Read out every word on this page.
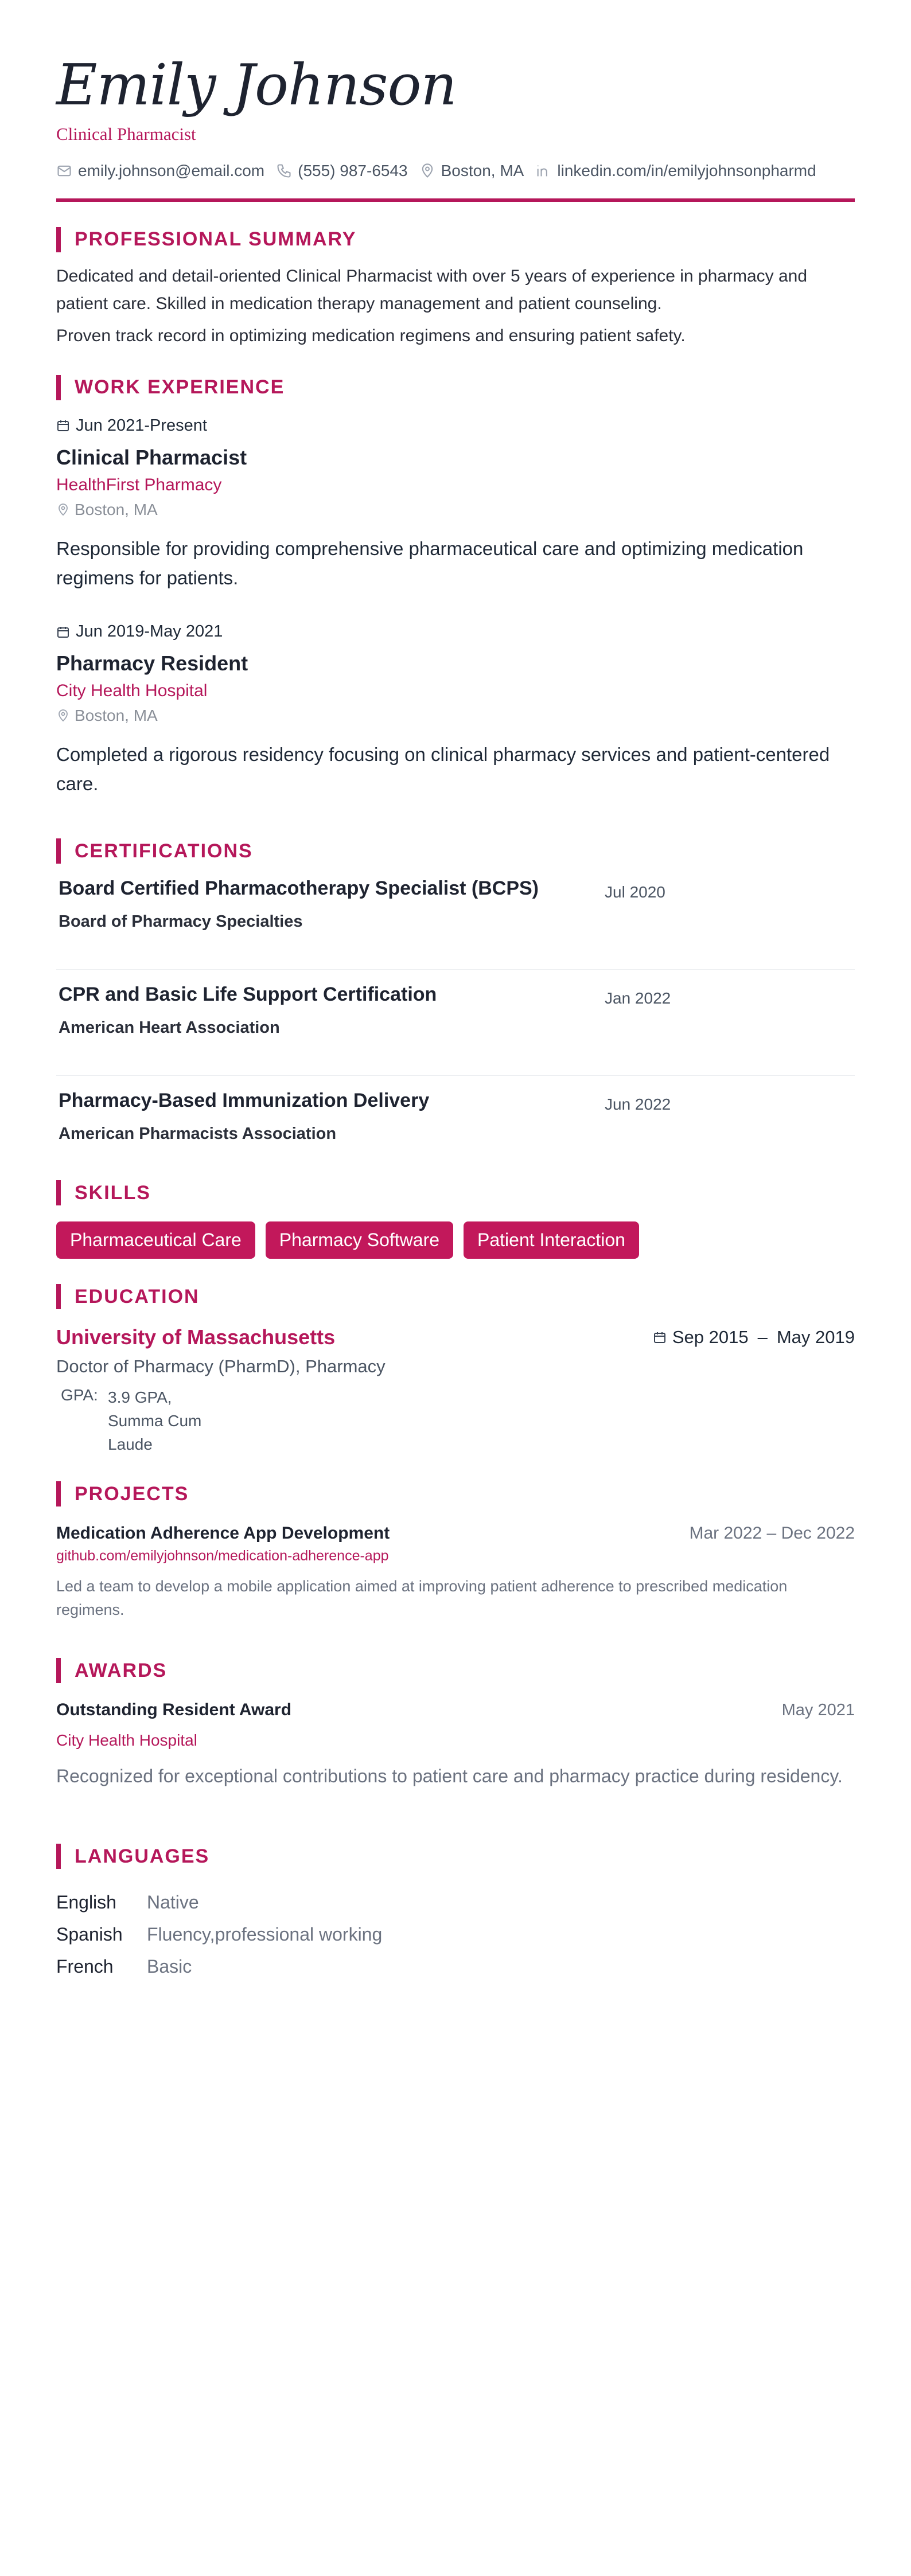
Emily Johnson
Clinical Pharmacist
emily.johnson@email.com (555) 987-6543 Boston, MA linkedin.com/in/emilyjohnsonpharmd
PROFESSIONAL SUMMARY

Dedicated and detail-oriented Clinical Pharmacist with over 5 years of experience in pharmacy and patient care. Skilled in medication therapy management and patient counseling.

Proven track record in optimizing medication regimens and ensuring patient safety.

WORK EXPERIENCE
Jun 2021-Present
Clinical Pharmacist
HealthFirst Pharmacy
Boston, MA
Responsible for providing comprehensive pharmaceutical care and optimizing medication regimens for patients.
Jun 2019-May 2021
Pharmacy Resident
City Health Hospital
Boston, MA
Completed a rigorous residency focusing on clinical pharmacy services and patient-centered care.
CERTIFICATIONS
Board Certified Pharmacotherapy Specialist (BCPS)
Board of Pharmacy Specialties
Jul 2020
CPR and Basic Life Support Certification
American Heart Association
Jan 2022
Pharmacy-Based Immunization Delivery
American Pharmacists Association
Jun 2022
SKILLS
Pharmaceutical Care	Pharmacy Software	Patient Interaction
EDUCATION
University of Massachusetts	Sep 2015 – May 2019
Doctor of Pharmacy (PharmD), Pharmacy
GPA: 3.9 GPA, Summa Cum Laude
PROJECTS
Medication Adherence App Development	Mar 2022 – Dec 2022
github.com/emilyjohnson/medication-adherence-app
Led a team to develop a mobile application aimed at improving patient adherence to prescribed medication regimens.
AWARDS
Outstanding Resident Award	May 2021
City Health Hospital
Recognized for exceptional contributions to patient care and pharmacy practice during residency.
LANGUAGES
English	Native
Spanish	Fluency,professional working
French	Basic
